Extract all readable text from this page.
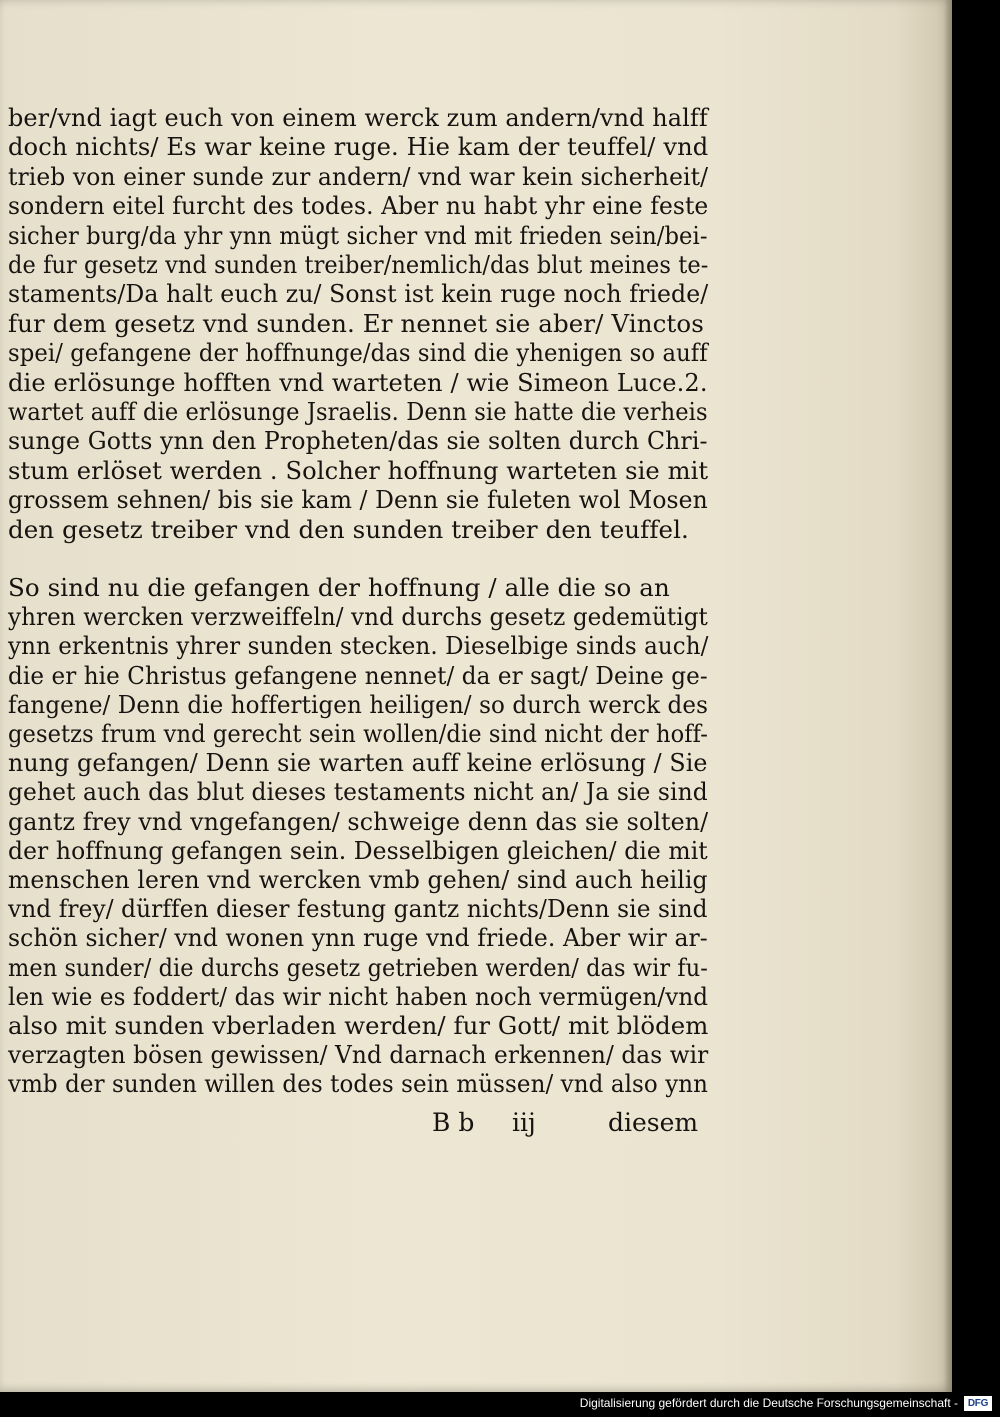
ber/vnd iagt euch von einem werck zum andern/vnd halff
doch nichts/ Es war keine ruge. Hie kam der teuffel/ vnd
trieb von einer sunde zur andern/ vnd war kein sicherheit/
sondern eitel furcht des todes. Aber nu habt yhr eine feste
sicher burg/da yhr ynn mügt sicher vnd mit frieden sein/bei-
de fur gesetz vnd sunden treiber/nemlich/das blut meines te-
staments/Da halt euch zu/ Sonst ist kein ruge noch friede/
fur dem gesetz vnd sunden. Er nennet sie aber/ Vinctos
spei/ gefangene der hoffnunge/das sind die yhenigen so auff
die erlösunge hofften vnd warteten / wie Simeon Luce.2.
wartet auff die erlösunge Jsraelis. Denn sie hatte die verheis
sunge Gotts ynn den Propheten/das sie solten durch Chri-
stum erlöset werden . Solcher hoffnung warteten sie mit
grossem sehnen/ bis sie kam / Denn sie fuleten wol Mosen
den gesetz treiber vnd den sunden treiber den teuffel.
So sind nu die gefangen der hoffnung / alle die so an
yhren wercken verzweiffeln/ vnd durchs gesetz gedemütigt
ynn erkentnis yhrer sunden stecken. Dieselbige sinds auch/
die er hie Christus gefangene nennet/ da er sagt/ Deine ge-
fangene/ Denn die hoffertigen heiligen/ so durch werck des
gesetzs frum vnd gerecht sein wollen/die sind nicht der hoff-
nung gefangen/ Denn sie warten auff keine erlösung / Sie
gehet auch das blut dieses testaments nicht an/ Ja sie sind
gantz frey vnd vngefangen/ schweige denn das sie solten/
der hoffnung gefangen sein. Desselbigen gleichen/ die mit
menschen leren vnd wercken vmb gehen/ sind auch heilig
vnd frey/ dürffen dieser festung gantz nichts/Denn sie sind
schön sicher/ vnd wonen ynn ruge vnd friede. Aber wir ar-
men sunder/ die durchs gesetz getrieben werden/ das wir fu-
len wie es foddert/ das wir nicht haben noch vermügen/vnd
also mit sunden vberladen werden/ fur Gott/ mit blödem
verzagten bösen gewissen/ Vnd darnach erkennen/ das wir
vmb der sunden willen des todes sein müssen/ vnd also ynn
B b iij	diesem
Digitalisierung gefördert durch die Deutsche Forschungsgemeinschaft - DFG
